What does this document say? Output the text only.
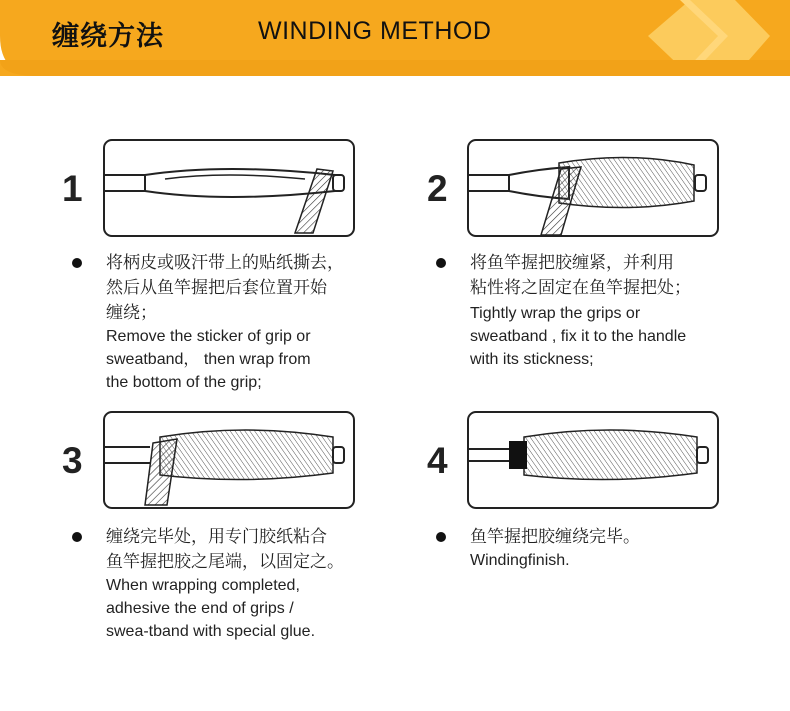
缠绕方法	WINDING METHOD
1
将柄皮或吸汗带上的贴纸撕去，
然后从鱼竿握把后套位置开始
缠绕；
Remove the sticker of grip or
sweatband， then wrap from
the bottom of the grip;
2
将鱼竿握把胶缠紧，并利用
粘性将之固定在鱼竿握把处；
Tightly wrap the grips or
sweatband , fix it to the handle
with its stickness;
3
缠绕完毕处，用专门胶纸粘合
鱼竿握把胶之尾端，以固定之。
When wrapping completed,
adhesive the end of grips /
swea-tband with special glue.
4
鱼竿握把胶缠绕完毕。
Windingfinish.
